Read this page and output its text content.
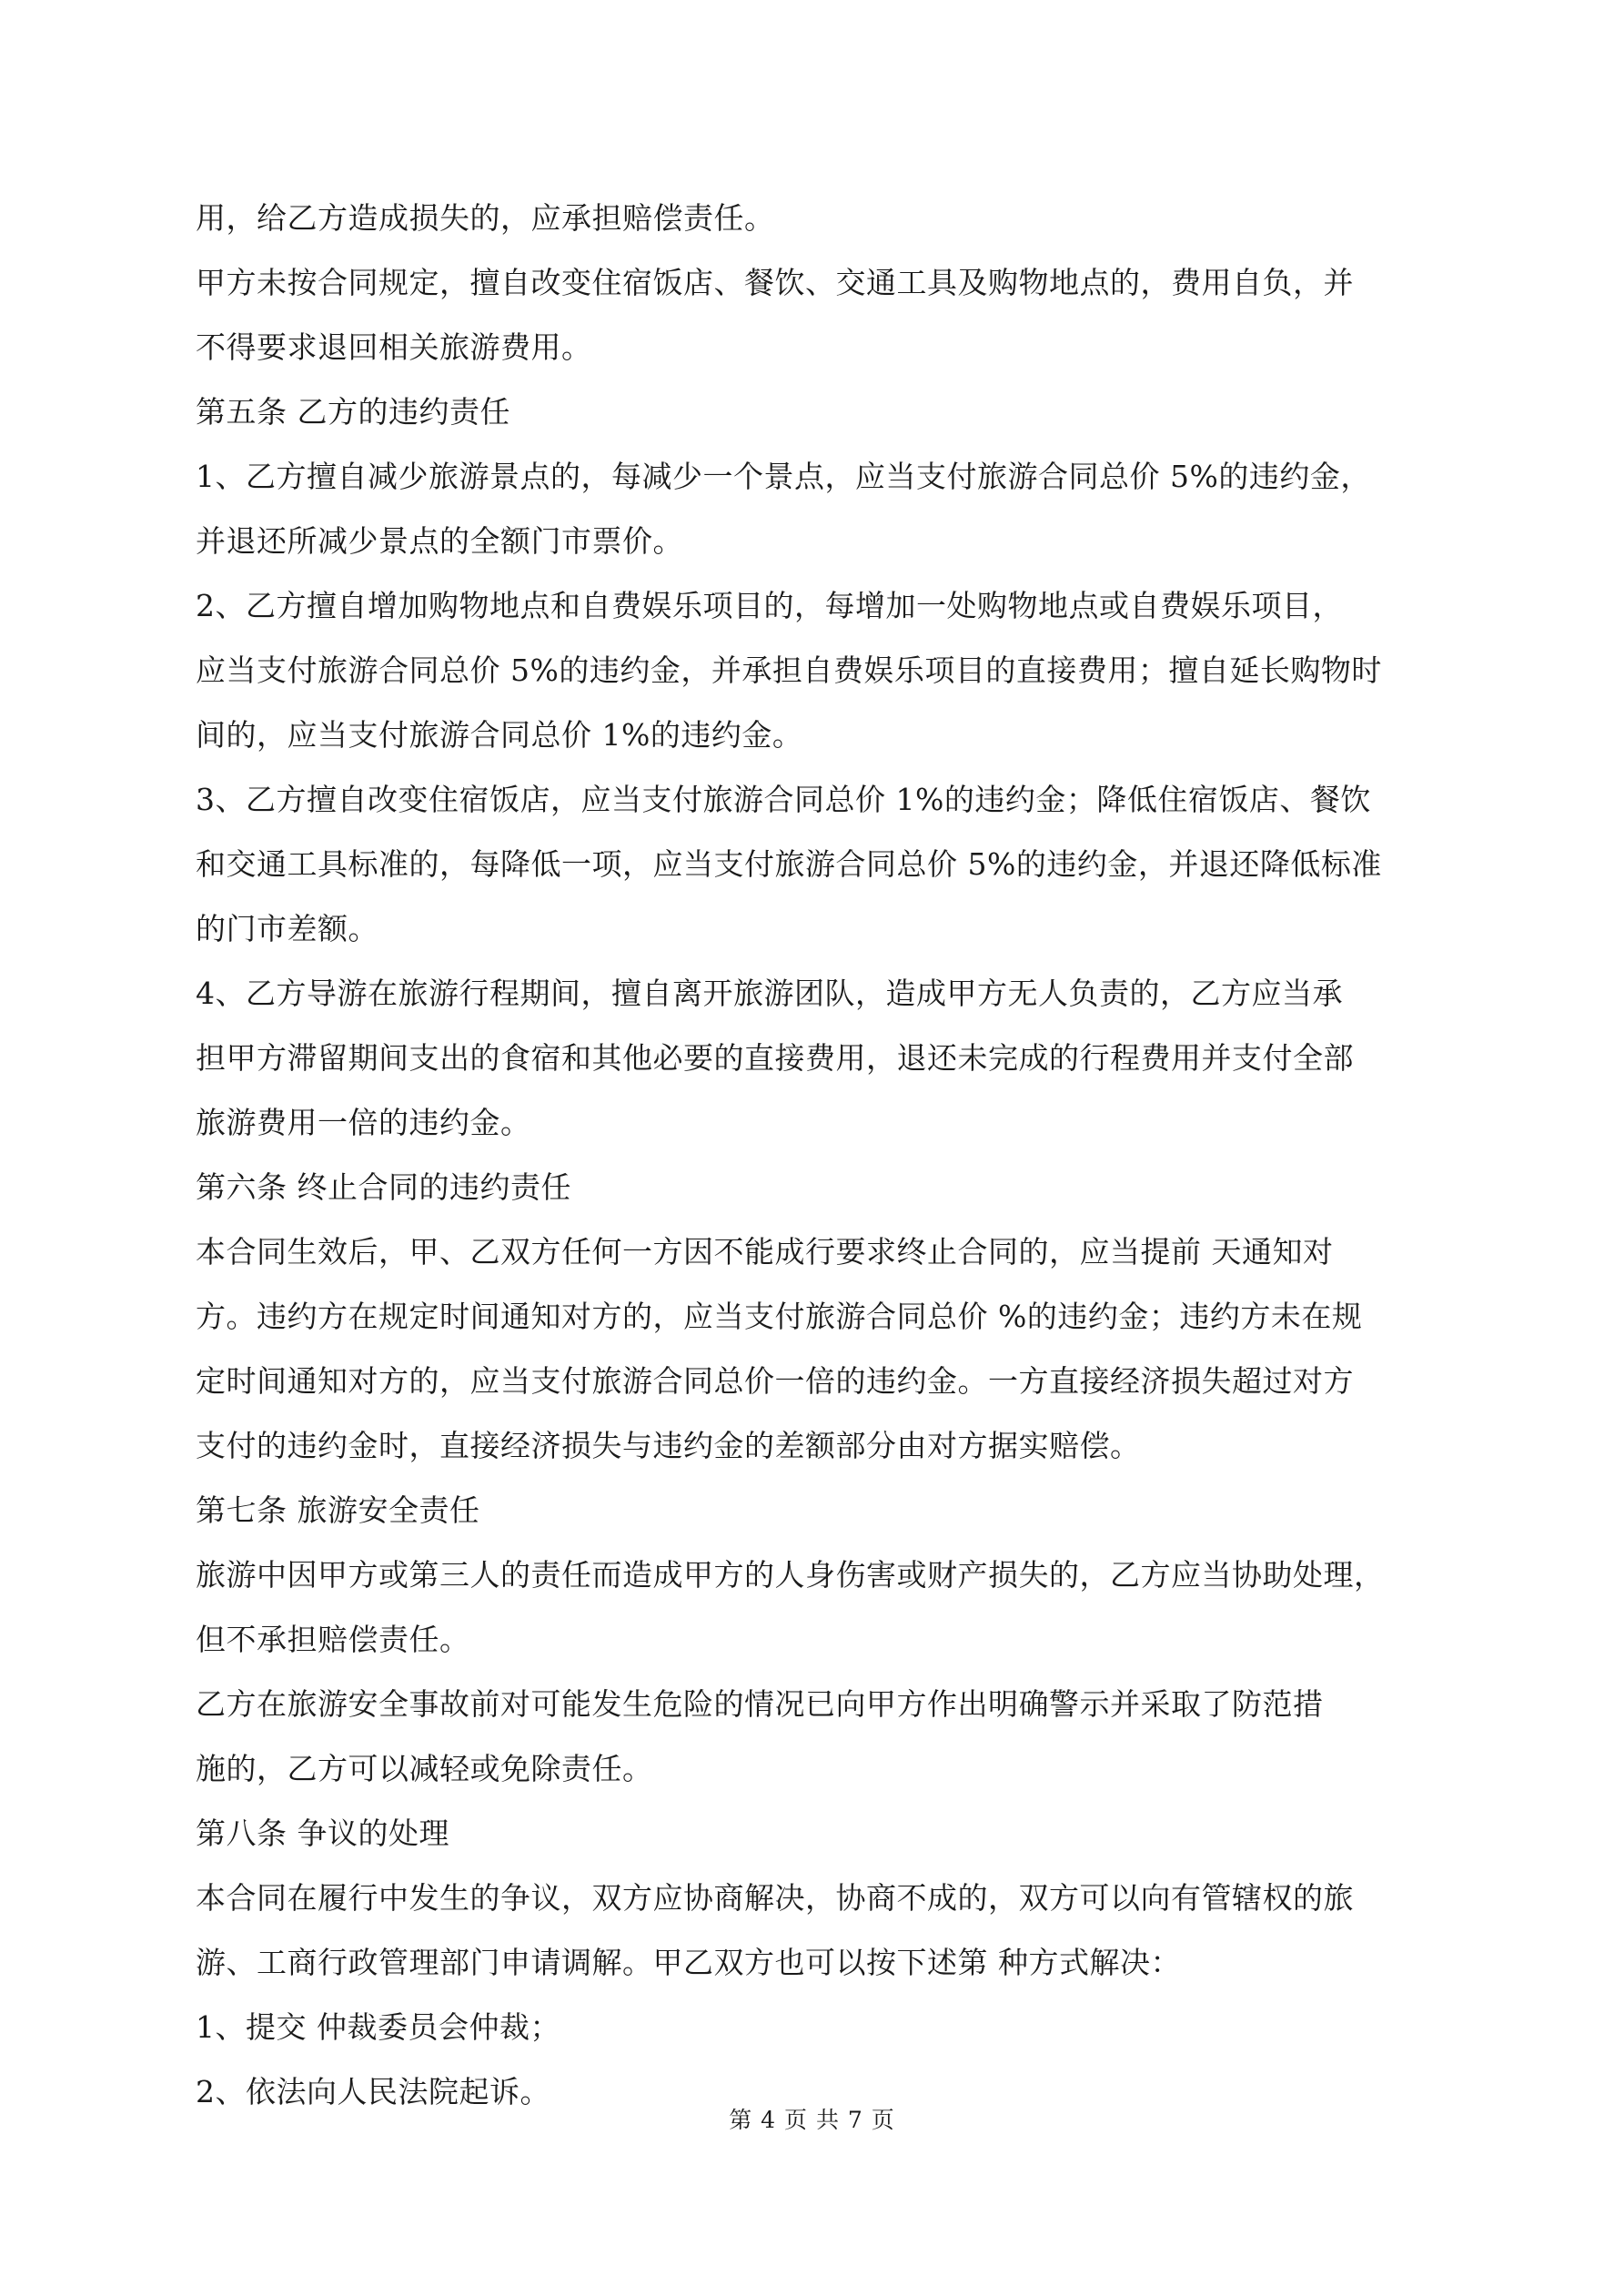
用，给乙方造成损失的，应承担赔偿责任。
甲方未按合同规定，擅自改变住宿饭店、餐饮、交通工具及购物地点的，费用自负，并
不得要求退回相关旅游费用。
第五条 乙方的违约责任
1、乙方擅自减少旅游景点的，每减少一个景点，应当支付旅游合同总价 5%的违约金，
并退还所减少景点的全额门市票价。
2、乙方擅自增加购物地点和自费娱乐项目的，每增加一处购物地点或自费娱乐项目，
应当支付旅游合同总价 5%的违约金，并承担自费娱乐项目的直接费用；擅自延长购物时
间的，应当支付旅游合同总价 1%的违约金。
3、乙方擅自改变住宿饭店，应当支付旅游合同总价 1%的违约金；降低住宿饭店、餐饮
和交通工具标准的，每降低一项，应当支付旅游合同总价 5%的违约金，并退还降低标准
的门市差额。
4、乙方导游在旅游行程期间，擅自离开旅游团队，造成甲方无人负责的，乙方应当承
担甲方滞留期间支出的食宿和其他必要的直接费用，退还未完成的行程费用并支付全部
旅游费用一倍的违约金。
第六条 终止合同的违约责任
本合同生效后，甲、乙双方任何一方因不能成行要求终止合同的，应当提前 天通知对
方。违约方在规定时间通知对方的，应当支付旅游合同总价 %的违约金；违约方未在规
定时间通知对方的，应当支付旅游合同总价一倍的违约金。一方直接经济损失超过对方
支付的违约金时，直接经济损失与违约金的差额部分由对方据实赔偿。
第七条 旅游安全责任
旅游中因甲方或第三人的责任而造成甲方的人身伤害或财产损失的，乙方应当协助处理，
但不承担赔偿责任。
乙方在旅游安全事故前对可能发生危险的情况已向甲方作出明确警示并采取了防范措
施的，乙方可以减轻或免除责任。
第八条 争议的处理
本合同在履行中发生的争议，双方应协商解决，协商不成的，双方可以向有管辖权的旅
游、工商行政管理部门申请调解。甲乙双方也可以按下述第 种方式解决：
1、提交 仲裁委员会仲裁；
2、依法向人民法院起诉。
第 4 页 共 7 页
